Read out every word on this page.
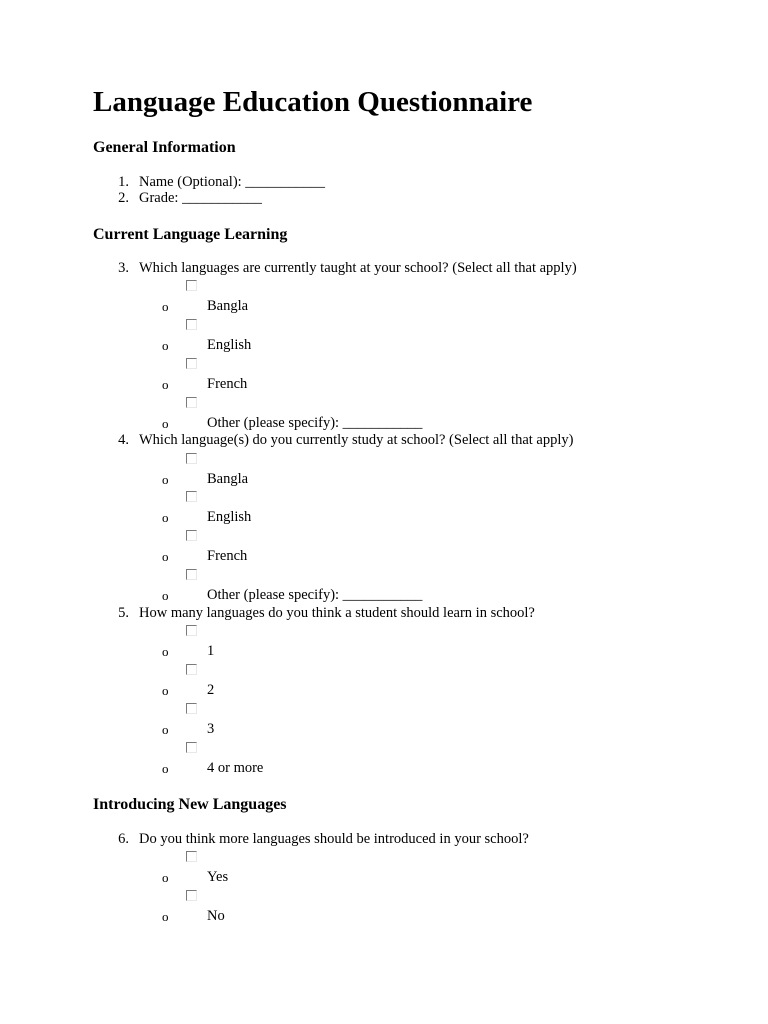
Language Education Questionnaire
General Information
1. Name (Optional): ___________
2. Grade: ___________
Current Language Learning
3. Which languages are currently taught at your school? (Select all that apply)
o	Bangla
o	English
o	French
o	Other (please specify): ___________
4. Which language(s) do you currently study at school? (Select all that apply)
o	Bangla
o	English
o	French
o	Other (please specify): ___________
5. How many languages do you think a student should learn in school?
o	1
o	2
o	3
o	4 or more
Introducing New Languages
6. Do you think more languages should be introduced in your school?
o	Yes
o	No
